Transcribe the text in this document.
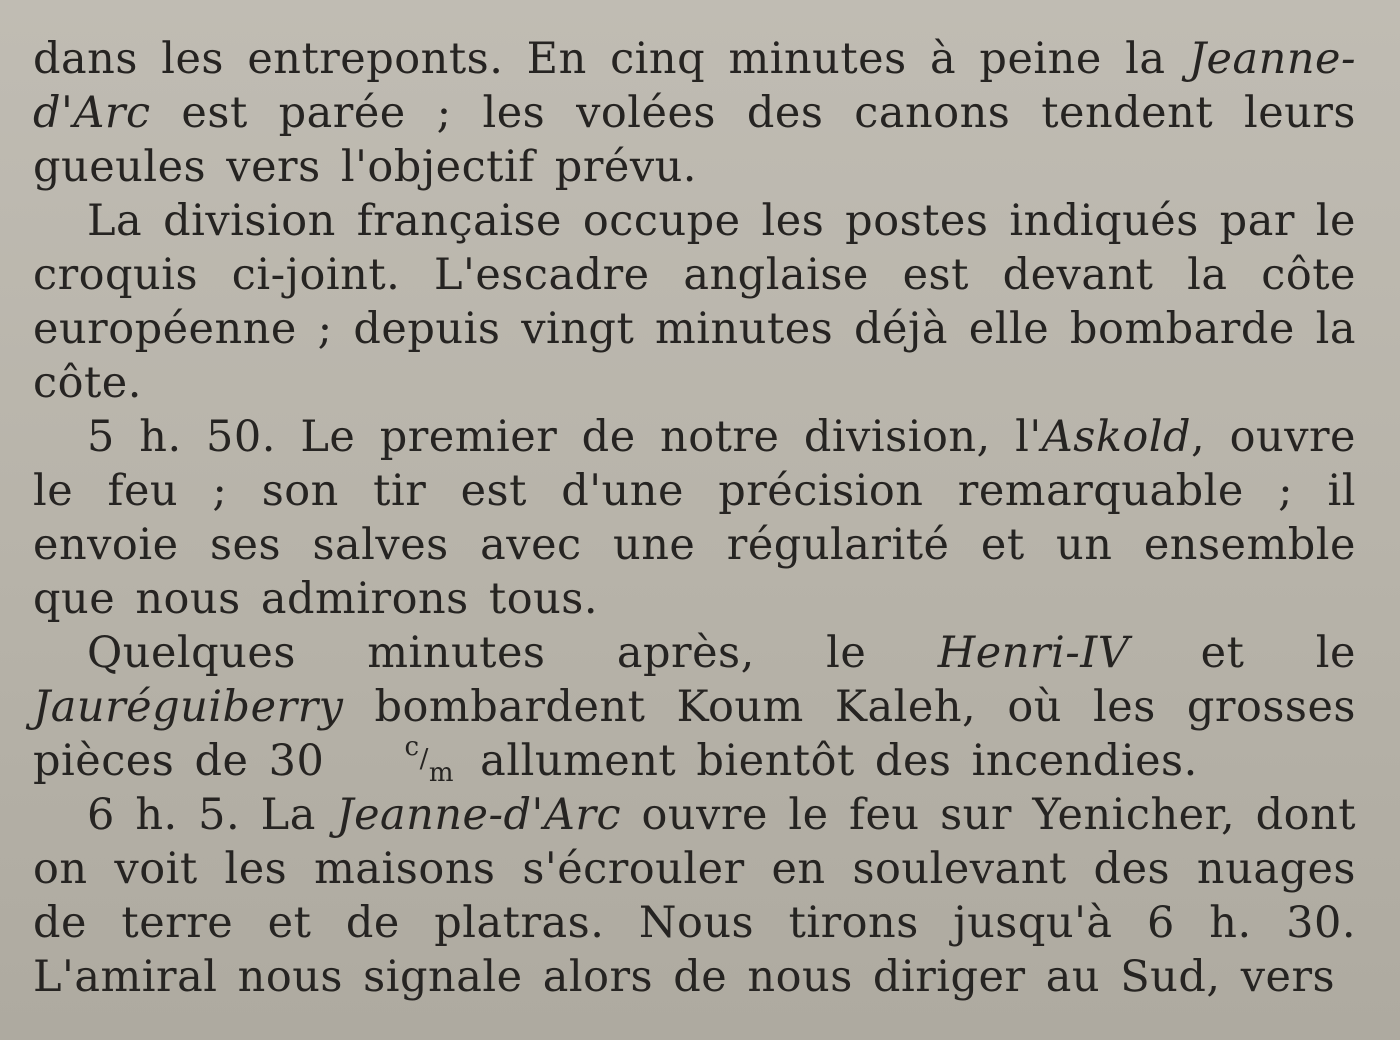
dans les entreponts. En cinq minutes à peine la Jeanne-d'Arc est parée ; les volées des canons tendent leurs gueules vers l'objectif prévu.

La division française occupe les postes indiqués par le croquis ci-joint. L'escadre anglaise est devant la côte européenne ; depuis vingt minutes déjà elle bombarde la côte.

5 h. 50. Le premier de notre division, l'Askold, ouvre le feu ; son tir est d'une précision remarquable ; il envoie ses salves avec une régularité et un ensemble que nous admirons tous.

Quelques minutes après, le Henri-IV et le Jauréguiberry bombardent Koum Kaleh, où les grosses pièces de 30 c/m allument bientôt des incendies.

6 h. 5. La Jeanne-d'Arc ouvre le feu sur Yenicher, dont on voit les maisons s'écrouler en soulevant des nuages de terre et de platras. Nous tirons jusqu'à 6 h. 30. L'amiral nous signale alors de nous diriger au Sud, vers
